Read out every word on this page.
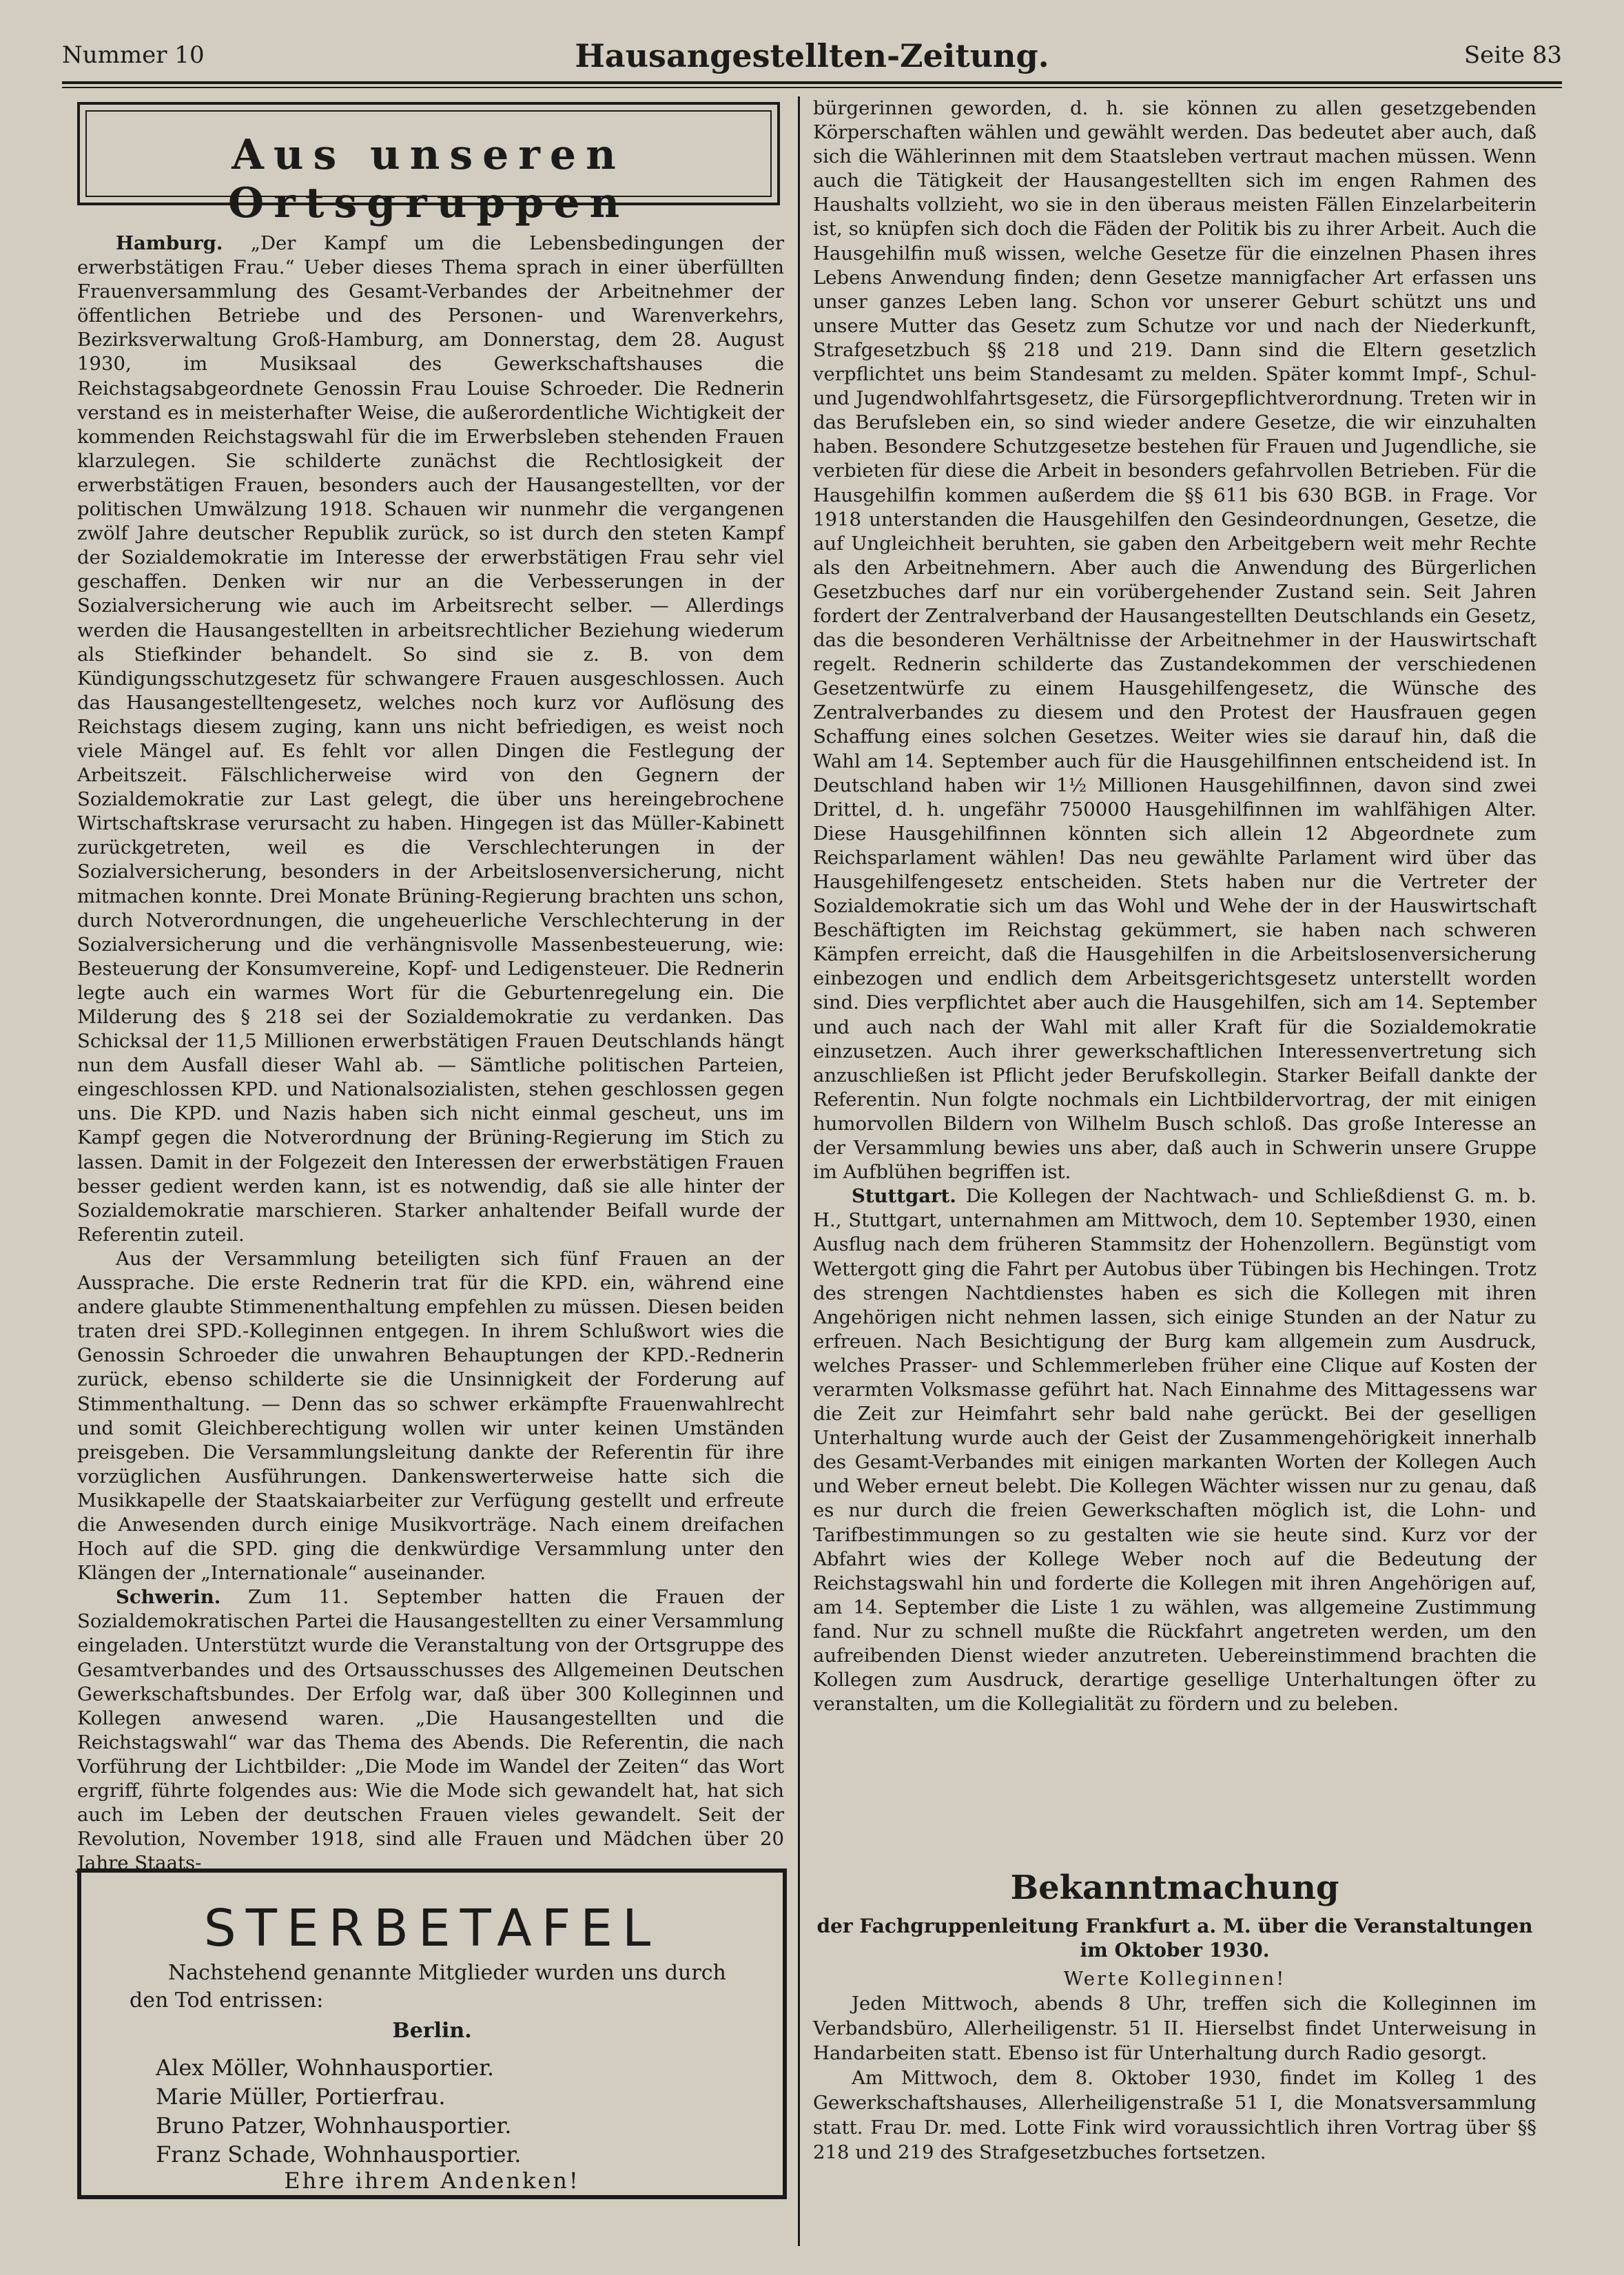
Nummer 10	Hausangestellten-Zeitung.	Seite 83
Aus unseren Ortsgruppen

Hamburg. „Der Kampf um die Lebensbedingungen der erwerbstätigen Frau.“ Ueber dieses Thema sprach in einer überfüllten Frauenversammlung des Gesamt-Verbandes der Arbeitnehmer der öffentlichen Betriebe und des Personen- und Warenverkehrs, Bezirksverwaltung Groß-Hamburg, am Donnerstag, dem 28. August 1930, im Musiksaal des Gewerkschaftshauses die Reichstagsabgeordnete Genossin Frau Louise Schroeder. Die Rednerin verstand es in meisterhafter Weise, die außerordentliche Wichtigkeit der kommenden Reichstagswahl für die im Erwerbsleben stehenden Frauen klarzulegen. Sie schilderte zunächst die Rechtlosigkeit der erwerbstätigen Frauen, besonders auch der Hausangestellten, vor der politischen Umwälzung 1918. Schauen wir nunmehr die vergangenen zwölf Jahre deutscher Republik zurück, so ist durch den steten Kampf der Sozialdemokratie im Interesse der erwerbstätigen Frau sehr viel geschaffen. Denken wir nur an die Verbesserungen in der Sozialversicherung wie auch im Arbeitsrecht selber. — Allerdings werden die Hausangestellten in arbeitsrechtlicher Beziehung wiederum als Stiefkinder behandelt. So sind sie z. B. von dem Kündigungsschutzgesetz für schwangere Frauen ausgeschlossen. Auch das Hausangestelltengesetz, welches noch kurz vor Auflösung des Reichstags diesem zuging, kann uns nicht befriedigen, es weist noch viele Mängel auf. Es fehlt vor allen Dingen die Festlegung der Arbeitszeit. Fälschlicherweise wird von den Gegnern der Sozialdemokratie zur Last gelegt, die über uns hereingebrochene Wirtschaftskrase verursacht zu haben. Hingegen ist das Müller-Kabinett zurückgetreten, weil es die Verschlechterungen in der Sozialversicherung, besonders in der Arbeitslosenversicherung, nicht mitmachen konnte. Drei Monate Brüning-Regierung brachten uns schon, durch Notverordnungen, die ungeheuerliche Verschlechterung in der Sozialversicherung und die verhängnisvolle Massenbesteuerung, wie: Besteuerung der Konsumvereine, Kopf- und Ledigensteuer. Die Rednerin legte auch ein warmes Wort für die Geburtenregelung ein. Die Milderung des § 218 sei der Sozialdemokratie zu verdanken. Das Schicksal der 11,5 Millionen erwerbstätigen Frauen Deutschlands hängt nun dem Ausfall dieser Wahl ab. — Sämtliche politischen Parteien, eingeschlossen KPD. und Nationalsozialisten, stehen geschlossen gegen uns. Die KPD. und Nazis haben sich nicht einmal gescheut, uns im Kampf gegen die Notverordnung der Brüning-Regierung im Stich zu lassen. Damit in der Folgezeit den Interessen der erwerbstätigen Frauen besser gedient werden kann, ist es notwendig, daß sie alle hinter der Sozialdemokratie marschieren. Starker anhaltender Beifall wurde der Referentin zuteil.

Aus der Versammlung beteiligten sich fünf Frauen an der Aussprache. Die erste Rednerin trat für die KPD. ein, während eine andere glaubte Stimmenenthaltung empfehlen zu müssen. Diesen beiden traten drei SPD.-Kolleginnen entgegen. In ihrem Schlußwort wies die Genossin Schroeder die unwahren Behauptungen der KPD.-Rednerin zurück, ebenso schilderte sie die Unsinnigkeit der Forderung auf Stimmenthaltung. — Denn das so schwer erkämpfte Frauenwahlrecht und somit Gleichberechtigung wollen wir unter keinen Umständen preisgeben. Die Versammlungsleitung dankte der Referentin für ihre vorzüglichen Ausführungen. Dankenswerterweise hatte sich die Musikkapelle der Staatskaiarbeiter zur Verfügung gestellt und erfreute die Anwesenden durch einige Musikvorträge. Nach einem dreifachen Hoch auf die SPD. ging die denkwürdige Versammlung unter den Klängen der „Internationale“ auseinander.

Schwerin. Zum 11. September hatten die Frauen der Sozialdemokratischen Partei die Hausangestellten zu einer Versammlung eingeladen. Unterstützt wurde die Veranstaltung von der Ortsgruppe des Gesamtverbandes und des Ortsausschusses des Allgemeinen Deutschen Gewerkschaftsbundes. Der Erfolg war, daß über 300 Kolleginnen und Kollegen anwesend waren. „Die Hausangestellten und die Reichstagswahl“ war das Thema des Abends. Die Referentin, die nach Vorführung der Lichtbilder: „Die Mode im Wandel der Zeiten“ das Wort ergriff, führte folgendes aus: Wie die Mode sich gewandelt hat, hat sich auch im Leben der deutschen Frauen vieles gewandelt. Seit der Revolution, November 1918, sind alle Frauen und Mädchen über 20 Jahre Staats-

STERBETAFEL
Nachstehend genannte Mitglieder wurden uns durch den Tod entrissen:
Berlin.
Alex Möller, Wohnhausportier.
Marie Müller, Portierfrau.
Bruno Patzer, Wohnhausportier.
Franz Schade, Wohnhausportier.
Ehre ihrem Andenken!

bürgerinnen geworden, d. h. sie können zu allen gesetzgebenden Körperschaften wählen und gewählt werden. Das bedeutet aber auch, daß sich die Wählerinnen mit dem Staatsleben vertraut machen müssen. Wenn auch die Tätigkeit der Hausangestellten sich im engen Rahmen des Haushalts vollzieht, wo sie in den überaus meisten Fällen Einzelarbeiterin ist, so knüpfen sich doch die Fäden der Politik bis zu ihrer Arbeit. Auch die Hausgehilfin muß wissen, welche Gesetze für die einzelnen Phasen ihres Lebens Anwendung finden; denn Gesetze mannigfacher Art erfassen uns unser ganzes Leben lang. Schon vor unserer Geburt schützt uns und unsere Mutter das Gesetz zum Schutze vor und nach der Niederkunft, Strafgesetzbuch §§ 218 und 219. Dann sind die Eltern gesetzlich verpflichtet uns beim Standesamt zu melden. Später kommt Impf-, Schul- und Jugendwohlfahrtsgesetz, die Fürsorgepflichtverordnung. Treten wir in das Berufsleben ein, so sind wieder andere Gesetze, die wir einzuhalten haben. Besondere Schutzgesetze bestehen für Frauen und Jugendliche, sie verbieten für diese die Arbeit in besonders gefahrvollen Betrieben. Für die Hausgehilfin kommen außerdem die §§ 611 bis 630 BGB. in Frage. Vor 1918 unterstanden die Hausgehilfen den Gesindeordnungen, Gesetze, die auf Ungleichheit beruhten, sie gaben den Arbeitgebern weit mehr Rechte als den Arbeitnehmern. Aber auch die Anwendung des Bürgerlichen Gesetzbuches darf nur ein vorübergehender Zustand sein. Seit Jahren fordert der Zentralverband der Hausangestellten Deutschlands ein Gesetz, das die besonderen Verhältnisse der Arbeitnehmer in der Hauswirtschaft regelt. Rednerin schilderte das Zustandekommen der verschiedenen Gesetzentwürfe zu einem Hausgehilfengesetz, die Wünsche des Zentralverbandes zu diesem und den Protest der Hausfrauen gegen Schaffung eines solchen Gesetzes. Weiter wies sie darauf hin, daß die Wahl am 14. September auch für die Hausgehilfinnen entscheidend ist. In Deutschland haben wir 1½ Millionen Hausgehilfinnen, davon sind zwei Drittel, d. h. ungefähr 750000 Hausgehilfinnen im wahlfähigen Alter. Diese Hausgehilfinnen könnten sich allein 12 Abgeordnete zum Reichsparlament wählen! Das neu gewählte Parlament wird über das Hausgehilfengesetz entscheiden. Stets haben nur die Vertreter der Sozialdemokratie sich um das Wohl und Wehe der in der Hauswirtschaft Beschäftigten im Reichstag gekümmert, sie haben nach schweren Kämpfen erreicht, daß die Hausgehilfen in die Arbeitslosenversicherung einbezogen und endlich dem Arbeitsgerichtsgesetz unterstellt worden sind. Dies verpflichtet aber auch die Hausgehilfen, sich am 14. September und auch nach der Wahl mit aller Kraft für die Sozialdemokratie einzusetzen. Auch ihrer gewerkschaftlichen Interessenvertretung sich anzuschließen ist Pflicht jeder Berufskollegin. Starker Beifall dankte der Referentin. Nun folgte nochmals ein Lichtbildervortrag, der mit einigen humorvollen Bildern von Wilhelm Busch schloß. Das große Interesse an der Versammlung bewies uns aber, daß auch in Schwerin unsere Gruppe im Aufblühen begriffen ist.

Stuttgart. Die Kollegen der Nachtwach- und Schließdienst G. m. b. H., Stuttgart, unternahmen am Mittwoch, dem 10. September 1930, einen Ausflug nach dem früheren Stammsitz der Hohenzollern. Begünstigt vom Wettergott ging die Fahrt per Autobus über Tübingen bis Hechingen. Trotz des strengen Nachtdienstes haben es sich die Kollegen mit ihren Angehörigen nicht nehmen lassen, sich einige Stunden an der Natur zu erfreuen. Nach Besichtigung der Burg kam allgemein zum Ausdruck, welches Prasser- und Schlemmerleben früher eine Clique auf Kosten der verarmten Volksmasse geführt hat. Nach Einnahme des Mittagessens war die Zeit zur Heimfahrt sehr bald nahe gerückt. Bei der geselligen Unterhaltung wurde auch der Geist der Zusammengehörigkeit innerhalb des Gesamt-Verbandes mit einigen markanten Worten der Kollegen Auch und Weber erneut belebt. Die Kollegen Wächter wissen nur zu genau, daß es nur durch die freien Gewerkschaften möglich ist, die Lohn- und Tarifbestimmungen so zu gestalten wie sie heute sind. Kurz vor der Abfahrt wies der Kollege Weber noch auf die Bedeutung der Reichstagswahl hin und forderte die Kollegen mit ihren Angehörigen auf, am 14. September die Liste 1 zu wählen, was allgemeine Zustimmung fand. Nur zu schnell mußte die Rückfahrt angetreten werden, um den aufreibenden Dienst wieder anzutreten. Uebereinstimmend brachten die Kollegen zum Ausdruck, derartige gesellige Unterhaltungen öfter zu veranstalten, um die Kollegialität zu fördern und zu beleben.

Bekanntmachung
der Fachgruppenleitung Frankfurt a. M. über die Veranstaltungen im Oktober 1930.
Werte Kolleginnen!

Jeden Mittwoch, abends 8 Uhr, treffen sich die Kolleginnen im Verbandsbüro, Allerheiligenstr. 51 II. Hierselbst findet Unterweisung in Handarbeiten statt. Ebenso ist für Unterhaltung durch Radio gesorgt.

Am Mittwoch, dem 8. Oktober 1930, findet im Kolleg 1 des Gewerkschaftshauses, Allerheiligenstraße 51 I, die Monatsversammlung statt. Frau Dr. med. Lotte Fink wird voraussichtlich ihren Vortrag über §§ 218 und 219 des Strafgesetzbuches fortsetzen.
